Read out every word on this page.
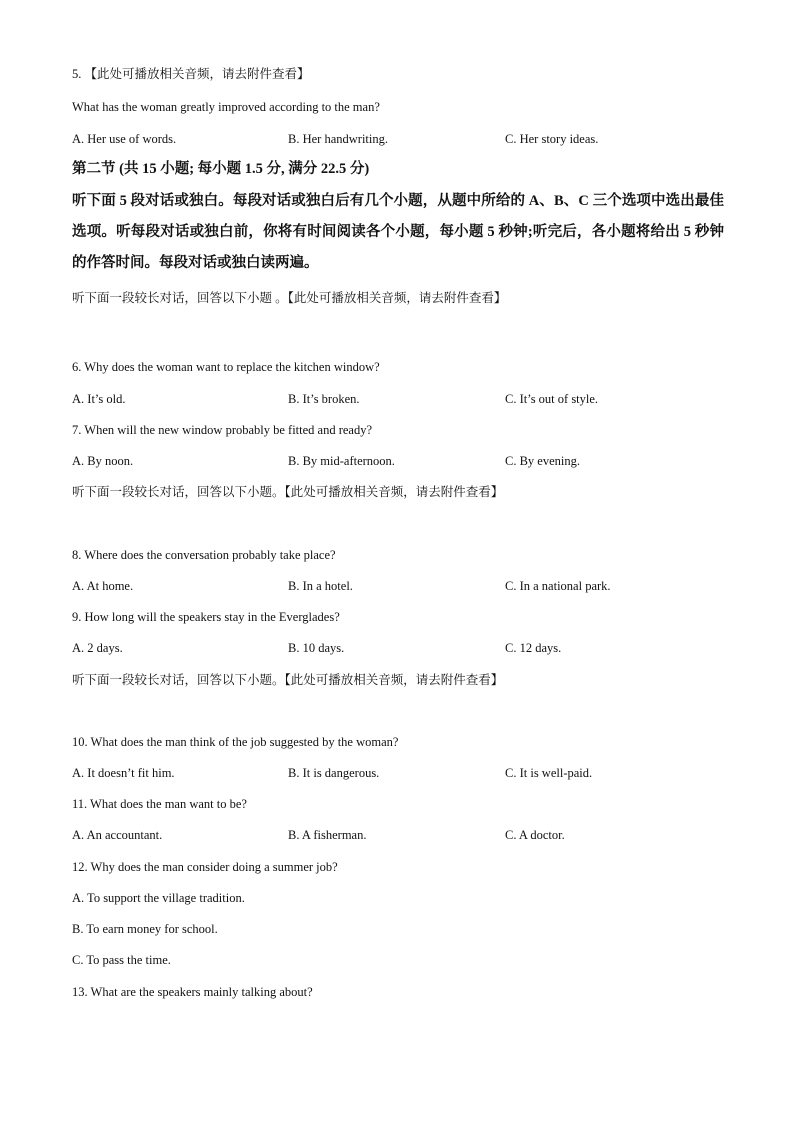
5. 【此处可播放相关音频，请去附件查看】
What has the woman greatly improved according to the man?
A. Her use of words.	B. Her handwriting.	C. Her story ideas.
第二节 (共 15 小题; 每小题 1.5 分, 满分 22.5 分)
听下面 5 段对话或独白。每段对话或独白后有几个小题，从题中所给的 A、B、C 三个选项中选出最佳选项。听每段对话或独白前，你将有时间阅读各个小题，每小题 5 秒钟;听完后，各小题将给出 5 秒钟的作答时间。每段对话或独白读两遍。
听下面一段较长对话，回答以下小题 。【此处可播放相关音频，请去附件查看】
6. Why does the woman want to replace the kitchen window?
A. It’s old.	B. It’s broken.	C. It’s out of style.
7. When will the new window probably be fitted and ready?
A. By noon.	B. By mid-afternoon.	C. By evening.
听下面一段较长对话，回答以下小题。【此处可播放相关音频，请去附件查看】
8. Where does the conversation probably take place?
A. At home.	B. In a hotel.	C. In a national park.
9. How long will the speakers stay in the Everglades?
A. 2 days.	B. 10 days.	C. 12 days.
听下面一段较长对话，回答以下小题。【此处可播放相关音频，请去附件查看】
10. What does the man think of the job suggested by the woman?
A. It doesn’t fit him.	B. It is dangerous.	C. It is well-paid.
11. What does the man want to be?
A. An accountant.	B. A fisherman.	C. A doctor.
12. Why does the man consider doing a summer job?
A. To support the village tradition.
B. To earn money for school.
C. To pass the time.
13. What are the speakers mainly talking about?
